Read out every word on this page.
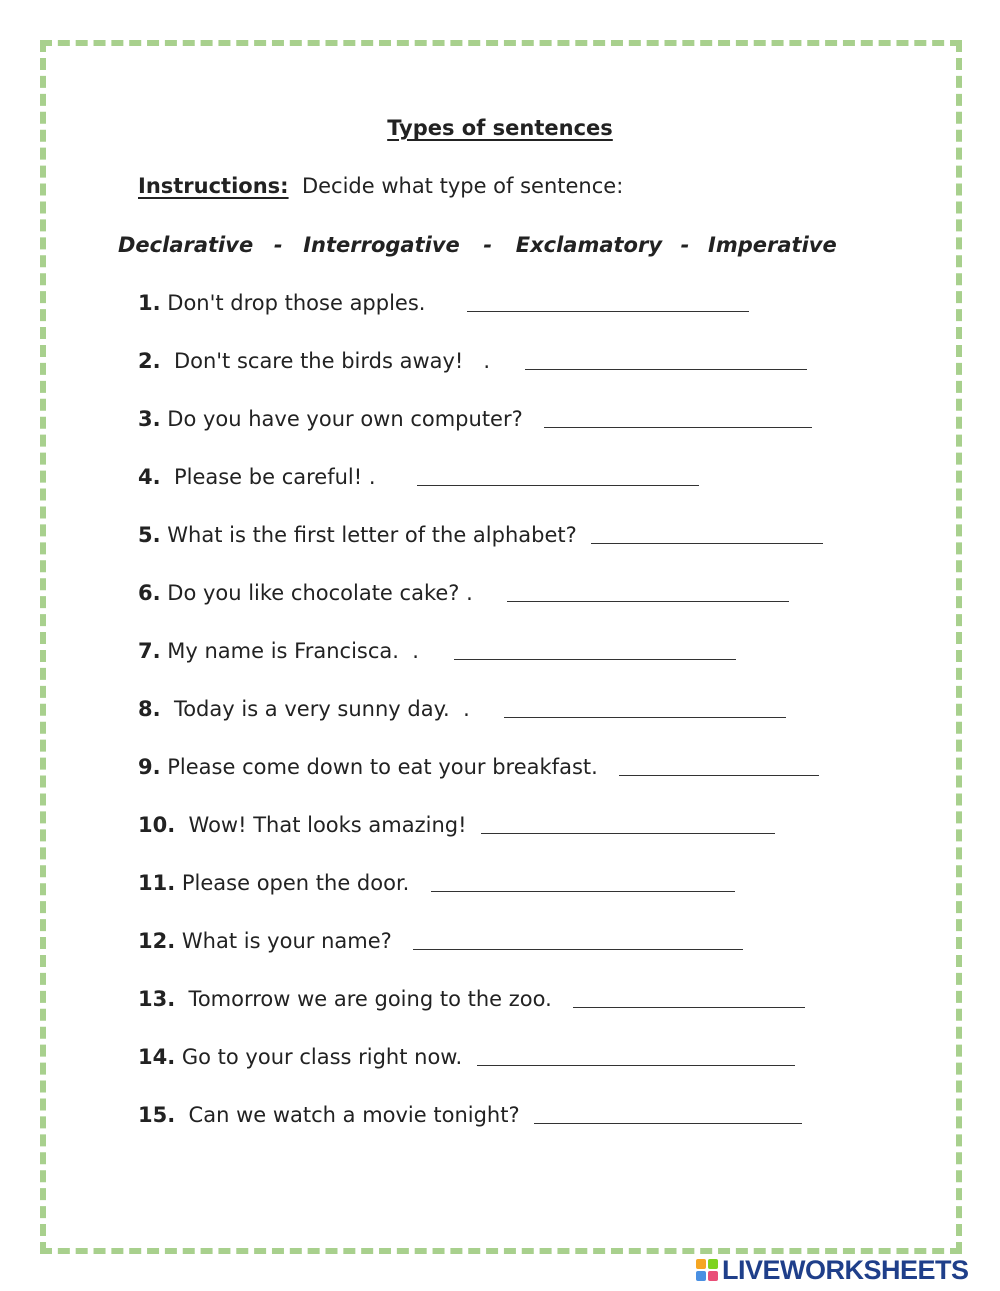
Types of sentences
Instructions: Decide what type of sentence:
Declarative - Interrogative	-	Exclamatory - Imperative
1. Don't drop those apples.
2. Don't scare the birds away!   .
3. Do you have your own computer?
4. Please be careful! .
5. What is the first letter of the alphabet?
6. Do you like chocolate cake? .
7. My name is Francisca.  .
8. Today is a very sunny day.  .
9. Please come down to eat your breakfast.
10. Wow! That looks amazing!
11. Please open the door.
12. What is your name?
13. Tomorrow we are going to the zoo.
14. Go to your class right now.
15. Can we watch a movie tonight?
LIVEWORKSHEETS
